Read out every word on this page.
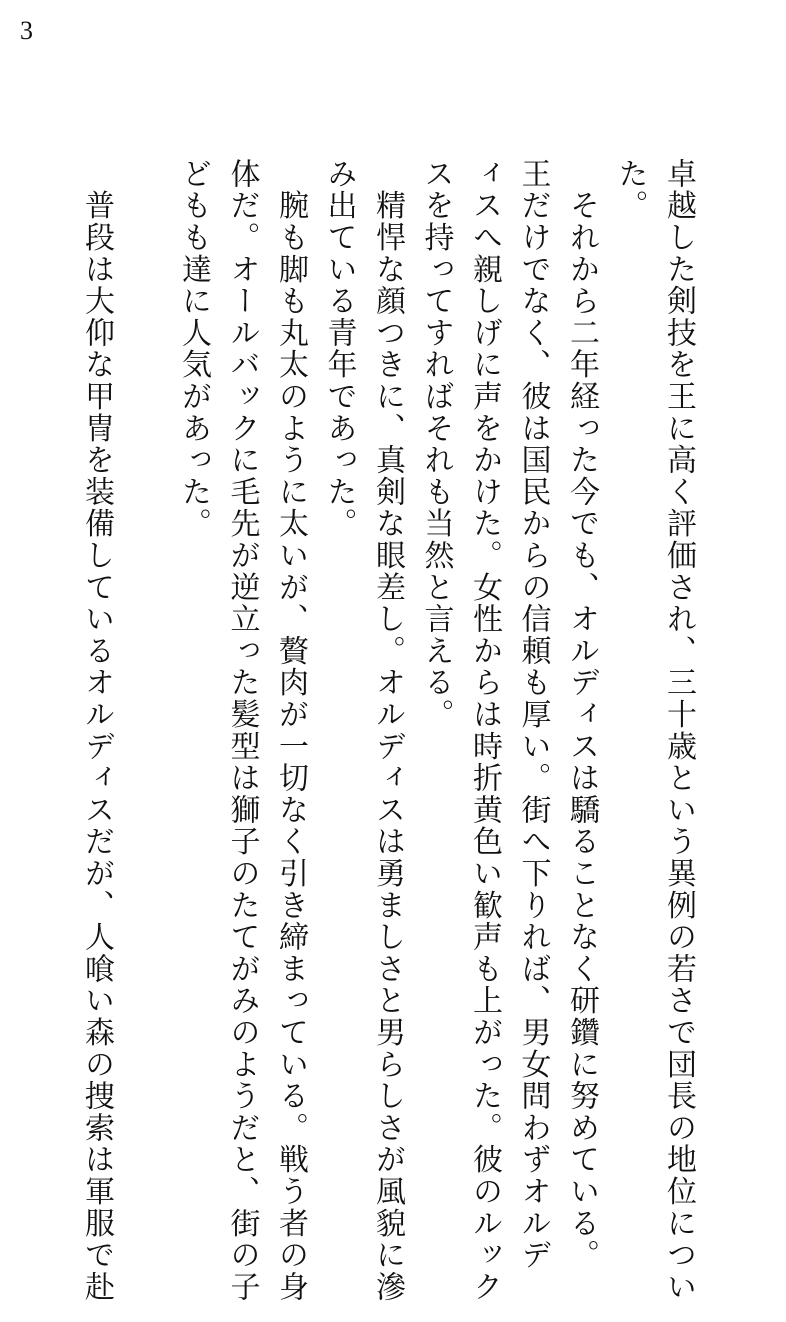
3
卓越した剣技を王に高く評価され、三十歳という異例の若さで団長の地位につい
た。
　それから二年経った今でも、オルディスは驕ることなく研鑽に努めている。
王だけでなく、彼は国民からの信頼も厚い。街へ下りれば、男女問わずオルデ
ィスへ親しげに声をかけた。女性からは時折黄色い歓声も上がった。彼のルック
スを持ってすればそれも当然と言える。
　精悍な顔つきに、真剣な眼差し。オルディスは勇ましさと男らしさが風貌に滲
み出ている青年であった。
　腕も脚も丸太のように太いが、贅肉が一切なく引き締まっている。戦う者の身
体だ。オールバックに毛先が逆立った髪型は獅子のたてがみのようだと、街の子
どもも達に人気があった。

　普段は大仰な甲冑を装備しているオルディスだが、人喰い森の捜索は軍服で赴
